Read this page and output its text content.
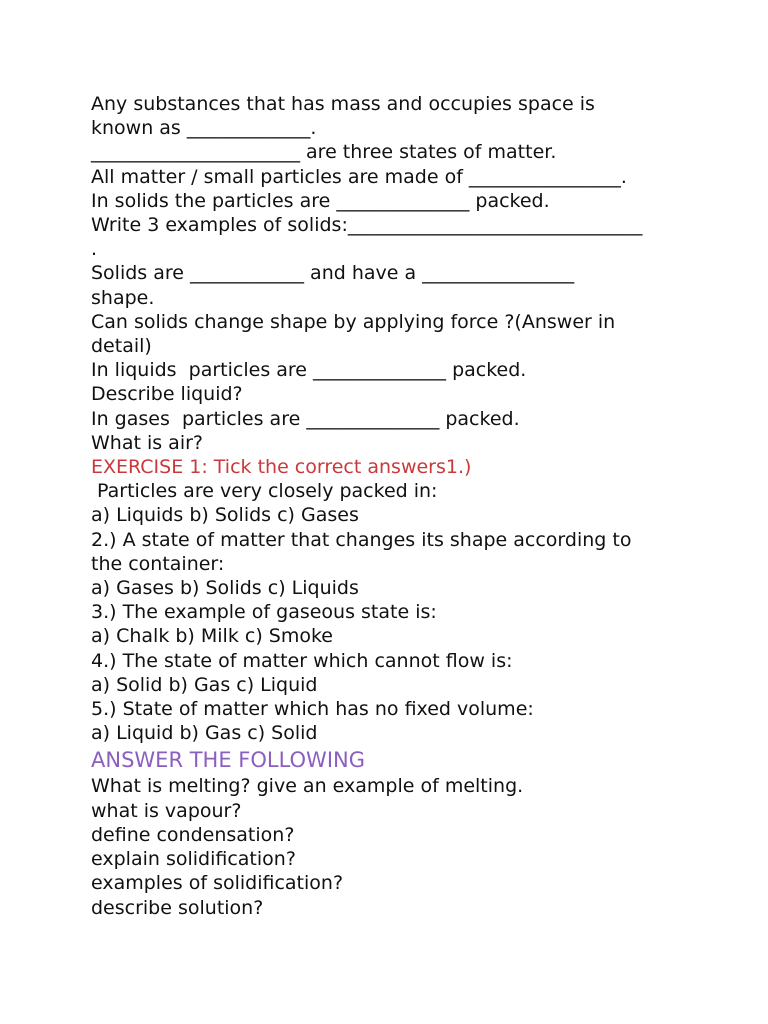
Any substances that has mass and occupies space is
known as _____________.
______________________ are three states of matter.
All matter / small particles are made of ________________.
In solids the particles are ______________ packed.
Write 3 examples of solids:_______________________________
.
Solids are ____________ and have a ________________
shape.
Can solids change shape by applying force ?(Answer in
detail)
In liquids  particles are ______________ packed.
Describe liquid?
In gases  particles are ______________ packed.
What is air?
EXERCISE 1: Tick the correct answers1.)
Particles are very closely packed in:
a) Liquids b) Solids c) Gases
2.) A state of matter that changes its shape according to
the container:
a) Gases b) Solids c) Liquids
3.) The example of gaseous state is:
a) Chalk b) Milk c) Smoke
4.) The state of matter which cannot flow is:
a) Solid b) Gas c) Liquid
5.) State of matter which has no fixed volume:
a) Liquid b) Gas c) Solid
ANSWER THE FOLLOWING
What is melting? give an example of melting.
what is vapour?
define condensation?
explain solidification?
examples of solidification?
describe solution?
